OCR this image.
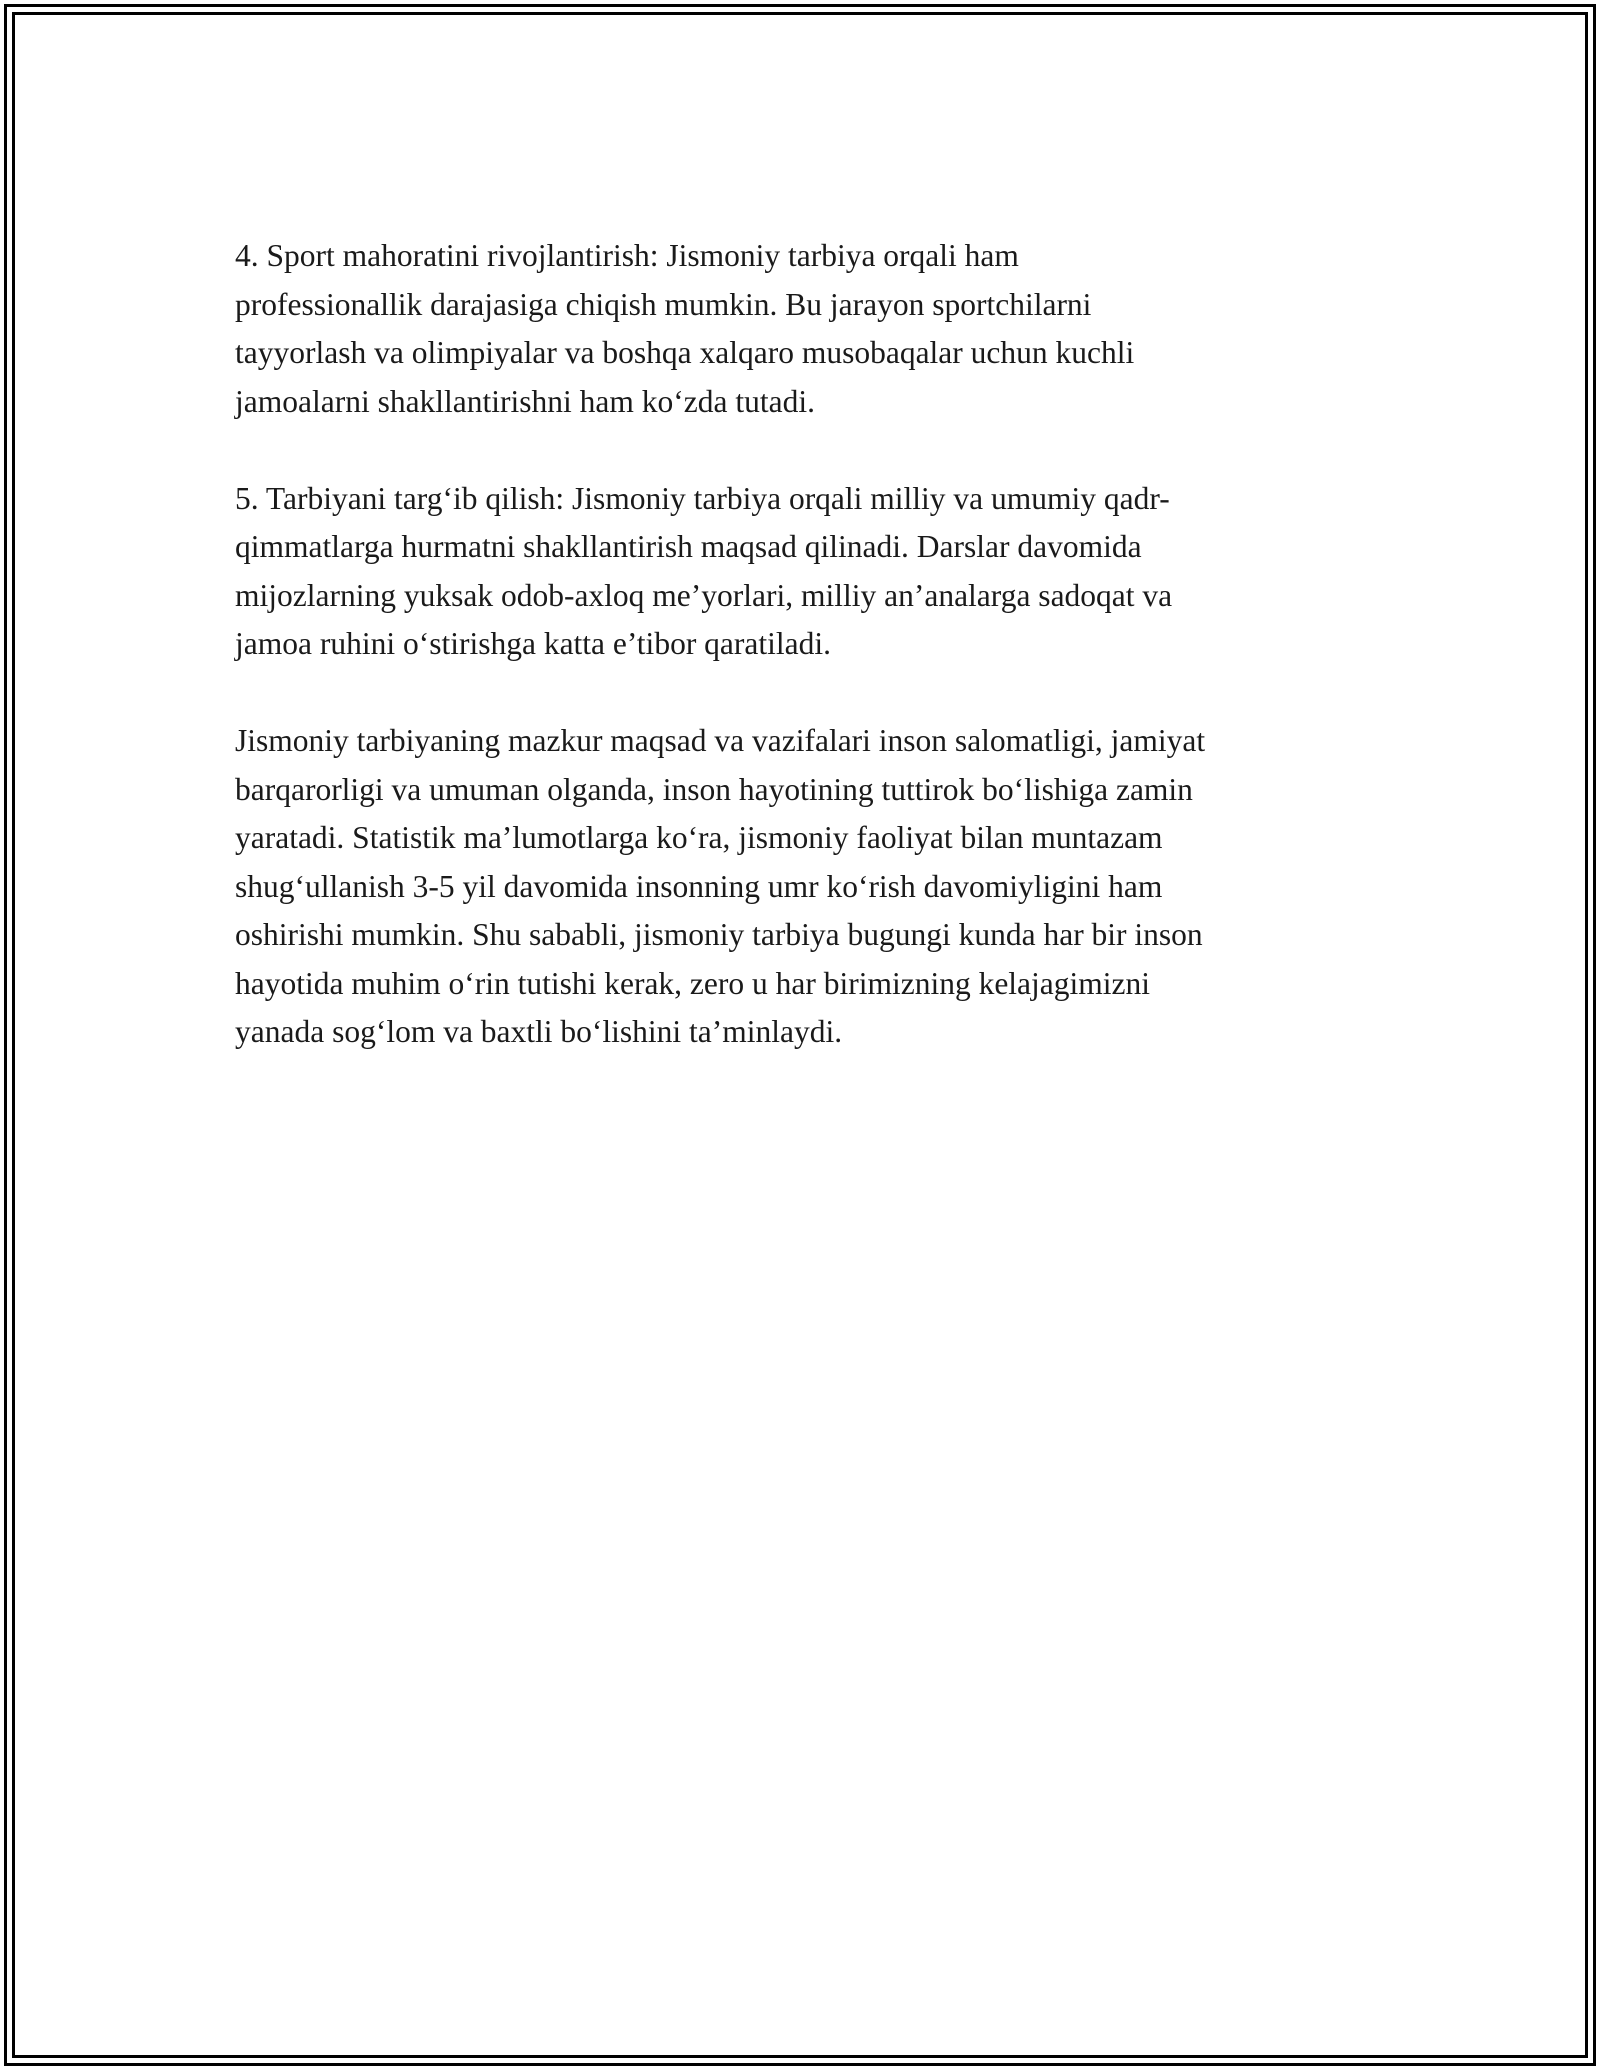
4. Sport mahoratini rivojlantirish: Jismoniy tarbiya orqali ham
professionallik darajasiga chiqish mumkin. Bu jarayon sportchilarni
tayyorlash va olimpiyalar va boshqa xalqaro musobaqalar uchun kuchli
jamoalarni shakllantirishni ham ko‘zda tutadi.

5. Tarbiyani targ‘ib qilish: Jismoniy tarbiya orqali milliy va umumiy qadr-
qimmatlarga hurmatni shakllantirish maqsad qilinadi. Darslar davomida
mijozlarning yuksak odob-axloq me’yorlari, milliy an’analarga sadoqat va
jamoa ruhini o‘stirishga katta e’tibor qaratiladi.

Jismoniy tarbiyaning mazkur maqsad va vazifalari inson salomatligi, jamiyat
barqarorligi va umuman olganda, inson hayotining tuttirok bo‘lishiga zamin
yaratadi. Statistik ma’lumotlarga ko‘ra, jismoniy faoliyat bilan muntazam
shug‘ullanish 3-5 yil davomida insonning umr ko‘rish davomiyligini ham
oshirishi mumkin. Shu sababli, jismoniy tarbiya bugungi kunda har bir inson
hayotida muhim o‘rin tutishi kerak, zero u har birimizning kelajagimizni
yanada sog‘lom va baxtli bo‘lishini ta’minlaydi.
